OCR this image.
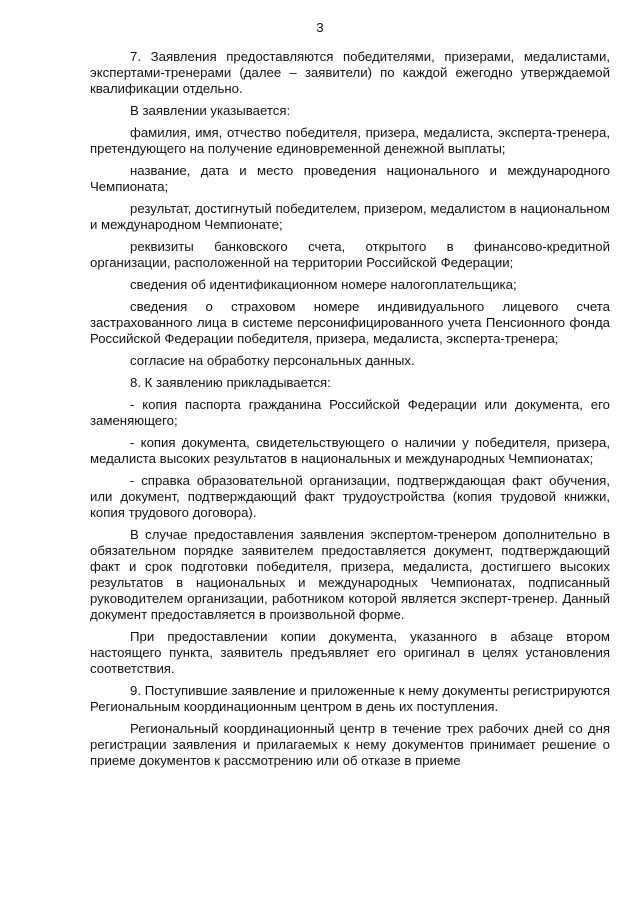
3

7. Заявления предоставляются победителями, призерами, медалистами, экспертами-тренерами (далее – заявители) по каждой ежегодно утверждаемой квалификации отдельно.

В заявлении указывается:

фамилия, имя, отчество победителя, призера, медалиста, эксперта-тренера, претендующего на получение единовременной денежной выплаты;

название, дата и место проведения национального и международного Чемпионата;

результат, достигнутый победителем, призером, медалистом в национальном и международном Чемпионате;

реквизиты банковского счета, открытого в финансово-кредитной организации, расположенной на территории Российской Федерации;

сведения об идентификационном номере налогоплательщика;

сведения о страховом номере индивидуального лицевого счета застрахованного лица в системе персонифицированного учета Пенсионного фонда Российской Федерации победителя, призера, медалиста, эксперта-тренера;

согласие на обработку персональных данных.

8. К заявлению прикладывается:

- копия паспорта гражданина Российской Федерации или документа, его заменяющего;

- копия документа, свидетельствующего о наличии у победителя, призера, медалиста высоких результатов в национальных и международных Чемпионатах;

- справка образовательной организации, подтверждающая факт обучения, или документ, подтверждающий факт трудоустройства (копия трудовой книжки, копия трудового договора).

В случае предоставления заявления экспертом-тренером дополнительно в обязательном порядке заявителем предоставляется документ, подтверждающий факт и срок подготовки победителя, призера, медалиста, достигшего высоких результатов в национальных и международных Чемпионатах, подписанный руководителем организации, работником которой является эксперт-тренер. Данный документ предоставляется в произвольной форме.

При предоставлении копии документа, указанного в абзаце втором настоящего пункта, заявитель предъявляет его оригинал в целях установления соответствия.

9. Поступившие заявление и приложенные к нему документы регистрируются Региональным координационным центром в день их поступления.

Региональный координационный центр в течение трех рабочих дней со дня регистрации заявления и прилагаемых к нему документов принимает решение о приеме документов к рассмотрению или об отказе в приеме
